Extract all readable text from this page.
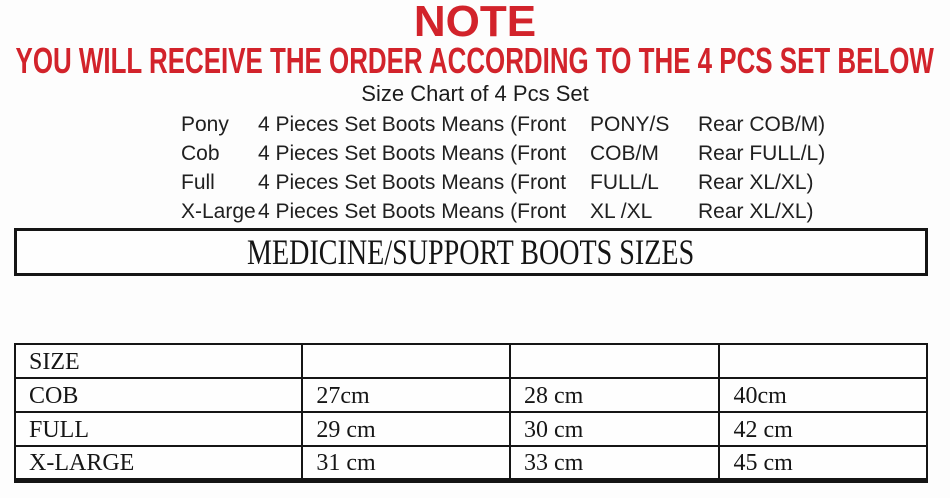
NOTE
YOU WILL RECEIVE THE ORDER ACCORDING TO THE 4 PCS SET BELOW
Size Chart of 4 Pcs Set
Pony	4 Pieces Set Boots Means (Front	PONY/S	Rear COB/M)
Cob	4 Pieces Set Boots Means (Front	COB/M	Rear FULL/L)
Full	4 Pieces Set Boots Means (Front	FULL/L	Rear XL/XL)
X-Large 4 Pieces Set Boots Means (Front	XL /XL	Rear XL/XL)
MEDICINE/SUPPORT BOOTS SIZES
SIZE			
COB	27cm	28 cm	40cm
FULL	29 cm	30 cm	42 cm
X-LARGE	31 cm	33 cm	45 cm
